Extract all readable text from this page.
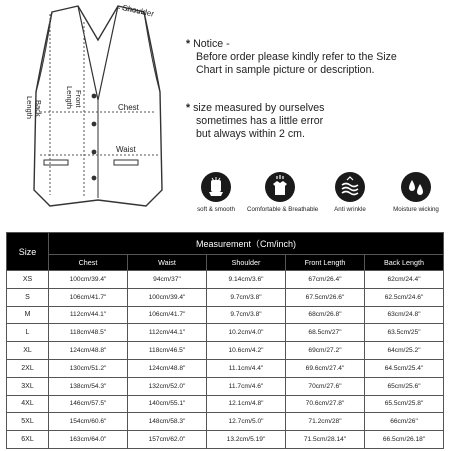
Shoulder
Chest
Waist
Back
Length	Front
Length
* Notice -
Before order please kindly refer to the Size
Chart in sample picture or description.
* size measured by ourselves
sometimes has a little error
but always within 2 cm.
soft & smooth	Comfortable & Breathable	Anti wrinkle	Moisture wicking
Size	Measurement（Cm/inch)				
	Chest	Waist	Shoulder	Front Length	Back Length
XS	100cm/39.4"	94cm/37"	9.14cm/3.6"	67cm/26.4"	62cm/24.4"
S	106cm/41.7"	100cm/39.4"	9.7cm/3.8"	67.5cm/26.6"	62.5cm/24.6"
M	112cm/44.1"	106cm/41.7"	9.7cm/3.8"	68cm/26.8"	63cm/24.8"
L	118cm/48.5"	112cm/44.1"	10.2cm/4.0"	68.5cm/27"	63.5cm/25"
XL	124cm/48.8"	118cm/46.5"	10.6cm/4.2"	69cm/27.2"	64cm/25.2"
2XL	130cm/51.2"	124cm/48.8"	11.1cm/4.4"	69.6cm/27.4"	64.5cm/25.4"
3XL	138cm/54.3"	132cm/52.0"	11.7cm/4.6"	70cm/27.6"	65cm/25.6"
4XL	146cm/57.5"	140cm/55.1"	12.1cm/4.8"	70.6cm/27.8"	65.5cm/25.8"
5XL	154cm/60.6"	148cm/58.3"	12.7cm/5.0"	71.2cm/28"	66cm/26"
6XL	163cm/64.0"	157cm/62.0"	13.2cm/5.19"	71.5cm/28.14"	66.5cm/26.18"
